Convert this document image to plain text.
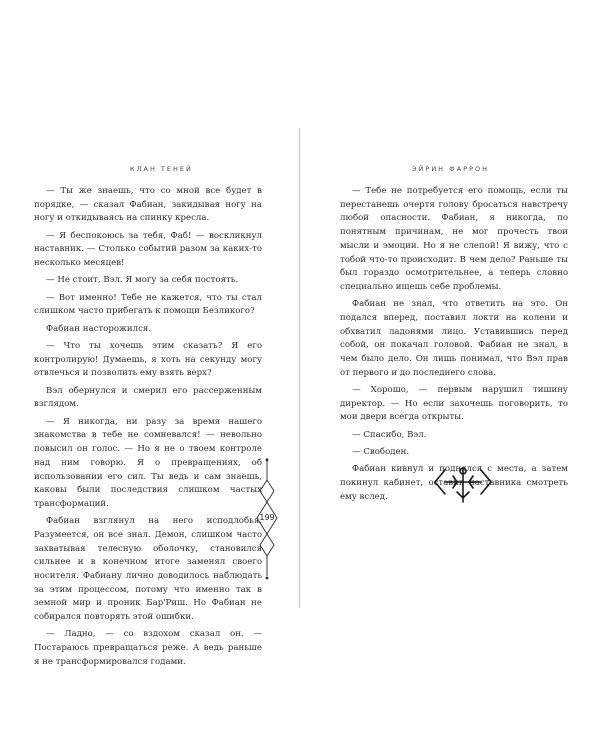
КЛАН ТЕНЕЙ	ЭЙРИН ФАРРОН

— Ты же знаешь, что со мной все будет в порядке, — сказал Фабиан, закидывая ногу на ногу и откидываясь на спинку кресла.

— Я беспокоюсь за тебя, Фаб! — воскликнул наставник. — Столько событий разом за каких-то несколько месяцев!

— Не стоит, Вэл. Я могу за себя постоять.

— Вот именно! Тебе не кажется, что ты стал слишком часто прибегать к помощи Безликого?

Фабиан насторожился.

— Что ты хочешь этим сказать? Я его контролирую! Думаешь, я хоть на секунду могу отвлечься и позволить ему взять верх?

Вэл обернулся и смерил его рассерженным взглядом.

— Я никогда, ни разу за время нашего знакомства в тебе не сомневался! — невольно повысил он голос. — Но я не о твоем контроле над ним говорю. Я о превращениях, об использовании его сил. Ты ведь и сам знаешь, каковы были последствия слишком частых трансформаций.

Фабиан взглянул на него исподлобья. Разумеется, он все знал. Демон, слишком часто захватывая телесную оболочку, становился сильнее и в конечном итоге заменял своего носителя. Фабиану лично доводилось наблюдать за этим процессом, потому что именно так в земной мир и проник Бар'Риш. Но Фабиан не собирался повторять этой ошибки.

— Ладно, — со вздохом сказал он. — Постараюсь превращаться реже. А ведь раньше я не трансформировался годами.

— Тебе не потребуется его помощь, если ты перестанешь очертя голову бросаться навстречу любой опасности. Фабиан, я никогда, по понятным причинам, не мог прочесть твои мысли и эмоции. Но я не слепой! Я вижу, что с тобой что-то происходит. В чем дело? Раньше ты был гораздо осмотрительнее, а теперь словно специально ищешь себе проблемы.

Фабиан не знал, что ответить на это. Он подался вперед, поставил локти на колени и обхватил ладонями лицо. Уставившись перед собой, он покачал головой. Фабиан не знал, в чем было дело. Он лишь понимал, что Вэл прав от первого и до последнего слова.

— Хорошо, — первым нарушил тишину директор. — Но если захочешь поговорить, то мои двери всегда открыты.

— Спасибо, Вэл.

— Свободен.

Фабиан кивнул и поднялся с места, а затем покинул кабинет, оставив наставника смотреть ему вслед.

199
